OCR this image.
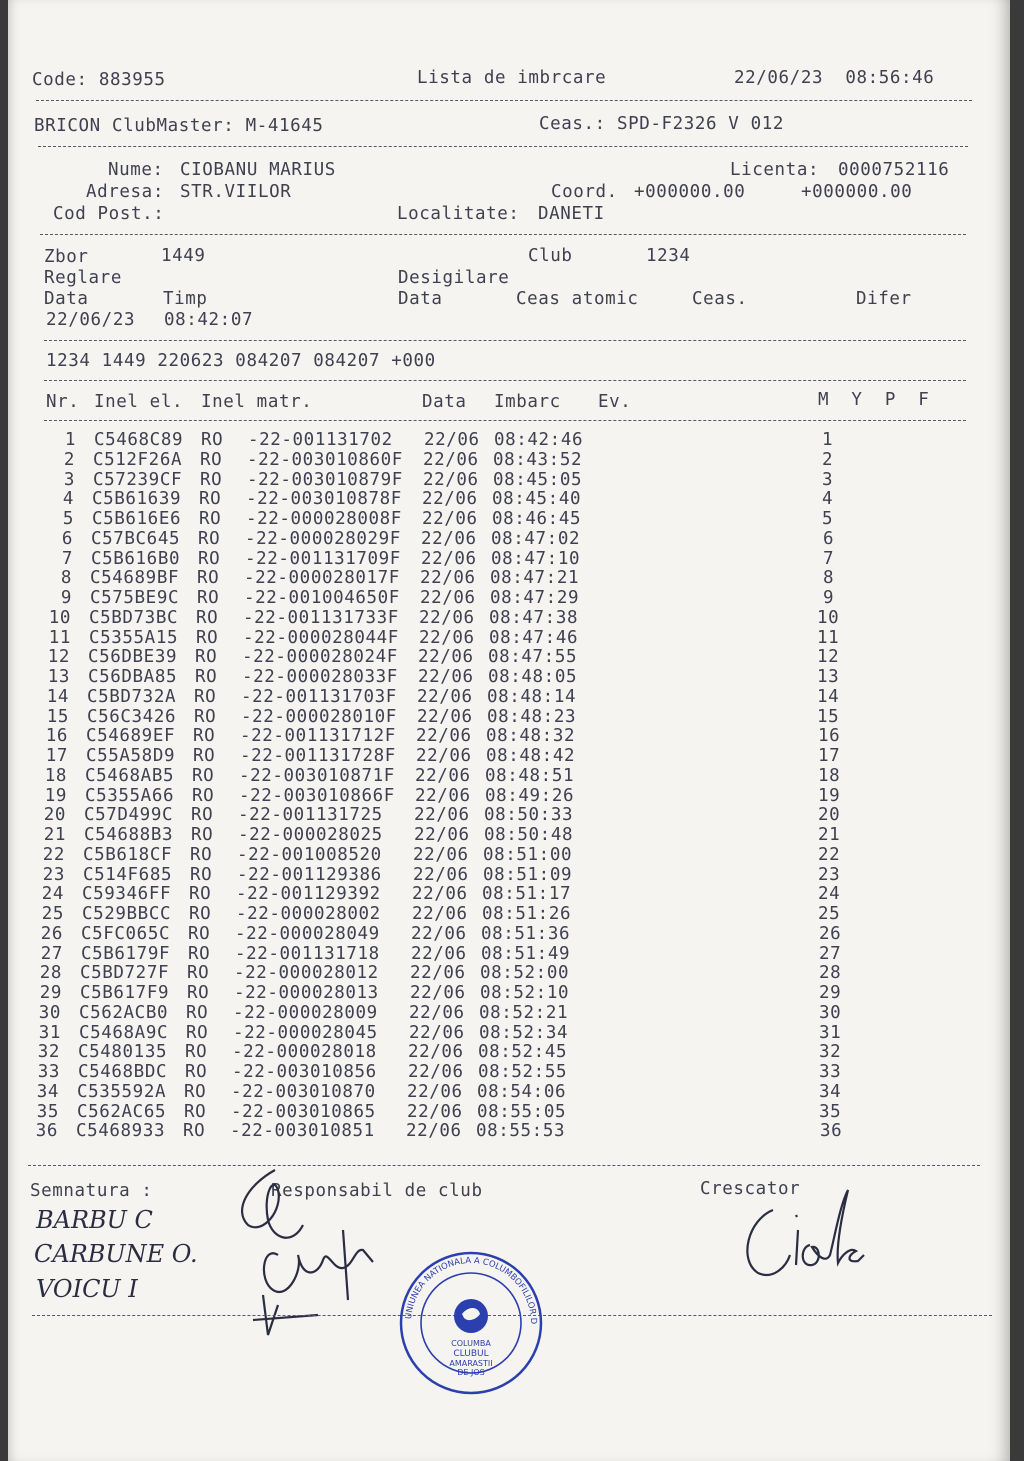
Code: 883955	Lista de imbrcare	22/06/23  08:56:46
BRICON ClubMaster: M-41645	Ceas.: SPD-F2326 V 012
Nume: CIOBANU MARIUS	Licenta: 0000752116
Adresa: STR.VIILOR	Coord. +000000.00	+000000.00
Cod Post.:	Localitate: DANETI
Zbor	1449	Club	1234
Reglare	Desigilare
Data	Timp	Data	Ceas atomic	Ceas.	Difer
22/06/23 08:42:07
1234 1449 220623 084207 084207 +000
Nr. Inel el. Inel matr.	Data Imbarc Ev.	M  Y  P  F
1 C5468C89 RO -22-001131702 22/06 08:42:46	1
2 C512F26A RO -22-003010860F 22/06 08:43:52	2
3 C57239CF RO -22-003010879F 22/06 08:45:05	3
4 C5B61639 RO -22-003010878F 22/06 08:45:40	4
5 C5B616E6 RO -22-000028008F 22/06 08:46:45	5
6 C57BC645 RO -22-000028029F 22/06 08:47:02	6
7 C5B616B0 RO -22-001131709F 22/06 08:47:10	7
8 C54689BF RO -22-000028017F 22/06 08:47:21	8
9 C575BE9C RO -22-001004650F 22/06 08:47:29	9
10 C5BD73BC RO -22-001131733F 22/06 08:47:38	10
11 C5355A15 RO -22-000028044F 22/06 08:47:46	11
12 C56DBE39 RO -22-000028024F 22/06 08:47:55	12
13 C56DBA85 RO -22-000028033F 22/06 08:48:05	13
14 C5BD732A RO -22-001131703F 22/06 08:48:14	14
15 C56C3426 RO -22-000028010F 22/06 08:48:23	15
16 C54689EF RO -22-001131712F 22/06 08:48:32	16
17 C55A58D9 RO -22-001131728F 22/06 08:48:42	17
18 C5468AB5 RO -22-003010871F 22/06 08:48:51	18
19 C5355A66 RO -22-003010866F 22/06 08:49:26	19
20 C57D499C RO -22-001131725 22/06 08:50:33	20
21 C54688B3 RO -22-000028025 22/06 08:50:48	21
22 C5B618CF RO -22-001008520 22/06 08:51:00	22
23 C514F685 RO -22-001129386 22/06 08:51:09	23
24 C59346FF RO -22-001129392 22/06 08:51:17	24
25 C529BBCC RO -22-000028002 22/06 08:51:26	25
26 C5FC065C RO -22-000028049 22/06 08:51:36	26
27 C5B6179F RO -22-001131718 22/06 08:51:49	27
28 C5BD727F RO -22-000028012 22/06 08:52:00	28
29 C5B617F9 RO -22-000028013 22/06 08:52:10	29
30 C562ACB0 RO -22-000028009 22/06 08:52:21	30
31 C5468A9C RO -22-000028045 22/06 08:52:34	31
32 C5480135 RO -22-000028018 22/06 08:52:45	32
33 C5468BDC RO -22-003010856 22/06 08:52:55	33
34 C535592A RO -22-003010870 22/06 08:54:06	34
35 C562AC65 RO -22-003010865 22/06 08:55:05	35
36 C5468933 RO -22-003010851 22/06 08:55:53	36
Semnatura :	Responsabil de club	Crescator
BARBU C
CARBUNE O.
VOICU I
COLUMBA
CLUBUL
AMARASTII
DE JOS
UNIUNEA NATIONALA A COLUMBOFILILOR DIN ROMANIA
